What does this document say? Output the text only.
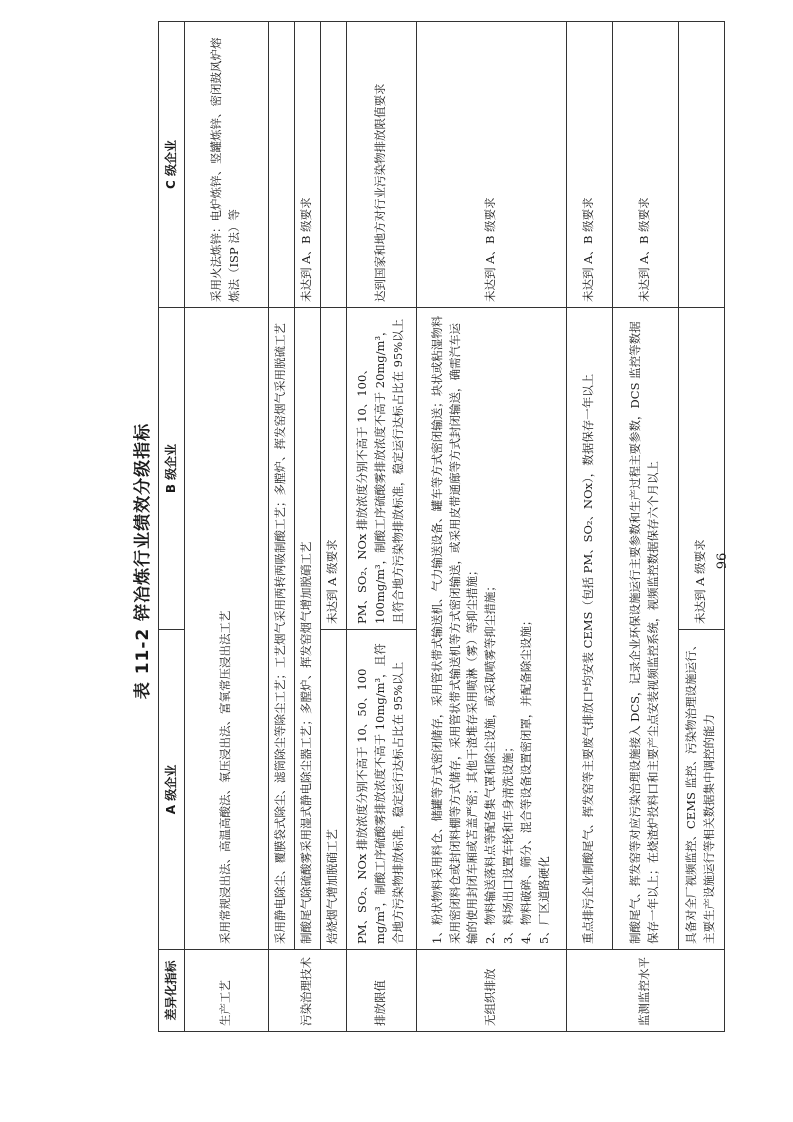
表 11-2 锌冶炼行业绩效分级指标
差异化指标	A 级企业	B 级企业	C 级企业
生产工艺	采用常规浸出法、高温高酸法、氧压浸出法、富氧常压浸出法工艺		采用火法炼锌：电炉炼锌、竖罐炼锌、密闭鼓风炉熔炼法（ISP 法）等
污染治理技术	采用静电除尘、覆膜袋式除尘、滤筒除尘等除尘工艺；工艺烟气采用两转两吸制酸工艺；多膛炉、挥发窑烟气采用脱硫工艺		
	制酸尾气除硫酸雾采用湿式静电除尘器工艺；多膛炉、挥发窑烟气增加脱硝工艺		未达到 A、B 级要求
	焙烧烟气增加脱硝工艺	未达到 A 级要求	
排放限值	PM、SO₂、NOx 排放浓度分别不高于 10、50、100 mg/m³，制酸工序硫酸雾排放浓度不高于 10mg/m³，且符合地方污染物排放标准，稳定运行达标占比在 95%以上	PM、SO₂、NOx 排放浓度分别不高于 10、100、100mg/m³，制酸工序硫酸雾排放浓度不高于 20mg/m³，且符合地方污染物排放标准，稳定运行达标占比在 95%以上	达到国家和地方对行业污染物排放限值要求
无组织排放	1、粉状物料采用料仓、储罐等方式密闭储存，采用管状带式输送机、气力输送设备、罐车等方式密闭输送；块状或粘湿物料采用密闭料仓或封闭料棚等方式储存，采用管状带式输送机等方式密闭输送，或采用皮带通廊等方式封闭输送，确需汽车运输的使用封闭车厢或苫盖严密；其他干渣堆存采用喷淋（雾）等抑尘措施； 2、物料输送落料点等配备集气罩和除尘设施，或采取喷雾等抑尘措施； 3、料场出口设置车轮和车身清洗设施； 4、物料破碎、筛分、混合等设备设置密闭罩，并配备除尘设施； 5、厂区道路硬化		未达到 A、B 级要求
监测监控水平	重点排污企业制酸尾气、挥发窑等主要废气排放口ᵃ均安装 CEMS（包括 PM、SO₂、NOx），数据保存一年以上		未达到 A、B 级要求
	制酸尾气、挥发窑等对应污染治理设施接入 DCS，记录企业环保设施运行主要参数和生产过程主要参数，DCS 监控等数据保存一年以上；在烧渣炉投料口和主要产尘点安装视频监控系统，视频监控数据保存六个月以上		未达到 A、B 级要求
	具备对全厂视频监控、CEMS 监控、污染物治理设施运行、主要生产设施运行等相关数据集中调控的能力	未达到 A 级要求	96
